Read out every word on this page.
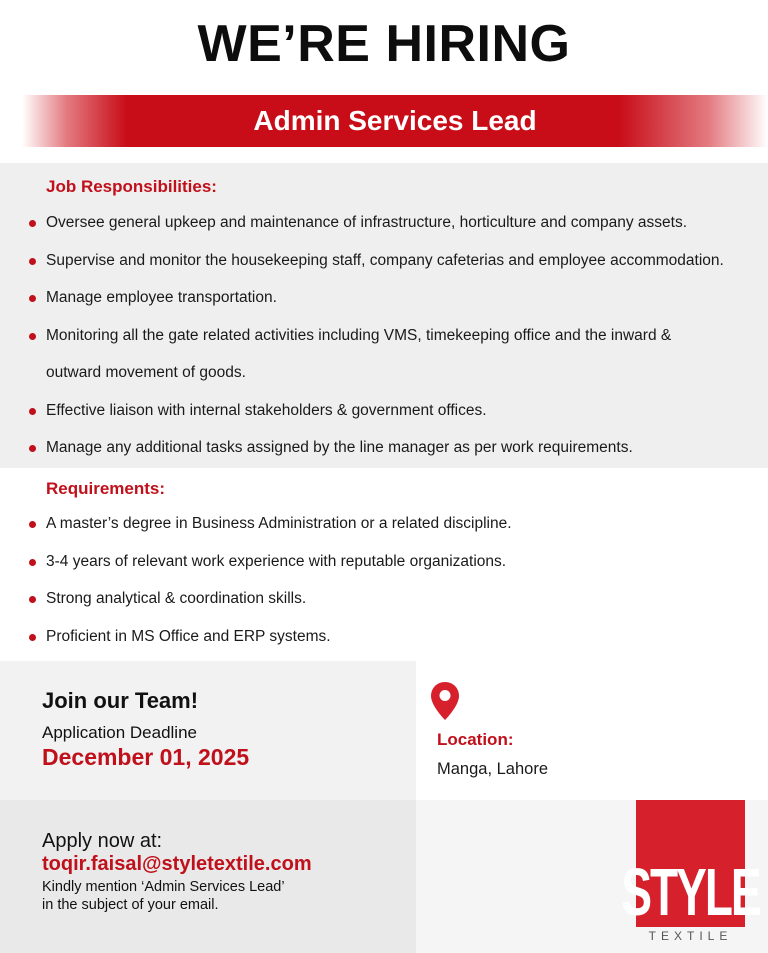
WE’RE HIRING
Admin Services Lead
Job Responsibilities:
Oversee general upkeep and maintenance of infrastructure, horticulture and company assets.
Supervise and monitor the housekeeping staff, company cafeterias and employee accommodation.
Manage employee transportation.
Monitoring all the gate related activities including VMS, timekeeping office and the inward & outward movement of goods.
Effective liaison with internal stakeholders & government offices.
Manage any additional tasks assigned by the line manager as per work requirements.
Requirements:
A master’s degree in Business Administration or a related discipline.
3-4 years of relevant work experience with reputable organizations.
Strong analytical & coordination skills.
Proficient in MS Office and ERP systems.
Join our Team!
Application Deadline
December 01, 2025
Location:
Manga, Lahore
Apply now at:
toqir.faisal@styletextile.com
Kindly mention ‘Admin Services Lead’
in the subject of your email.	STYLE
TEXTILE
